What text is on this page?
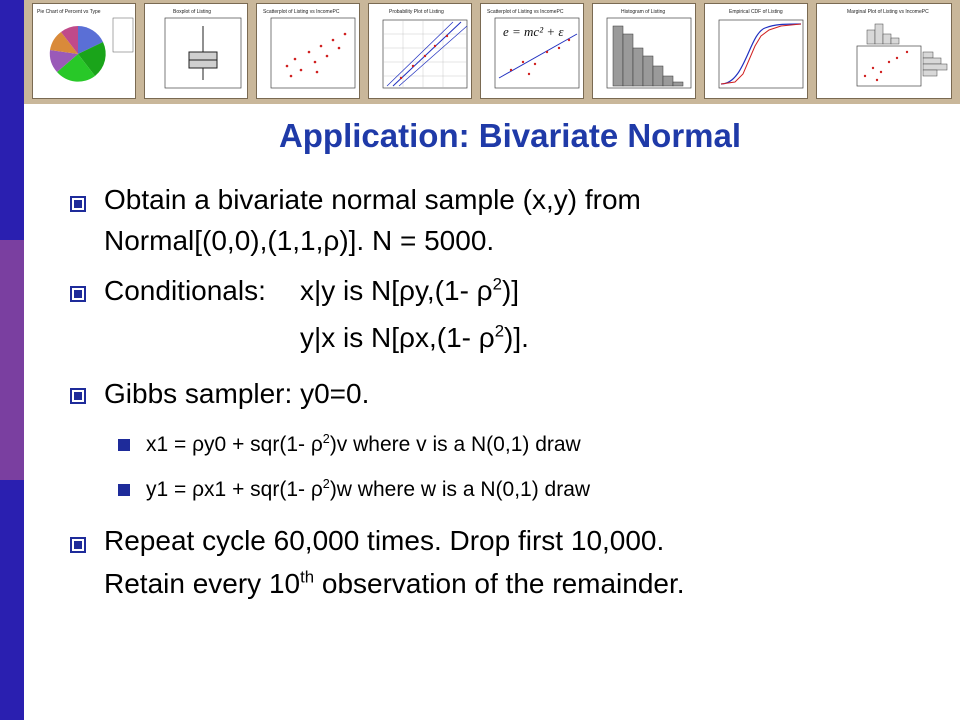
Pie Chart of Percent vs Type	Boxplot of Listing	Scatterplot of Listing vs IncomePC	Probability Plot of Listing	Scatterplot of Listing vs IncomePC
e = mc² + ε
Histogram of Listing	Empirical CDF of Listing	Marginal Plot of Listing vs IncomePC
Application: Bivariate Normal
Obtain a bivariate normal sample (x,y) from
Normal[(0,0),(1,1,ρ)]. N = 5000.
Conditionals: x|y is N[ρy,(1- $\rho^2$)]
y|x is N[ρx,(1- $\rho^2$)].
Gibbs sampler: y0=0.
x1 = ρy0 + sqr(1- $\rho^2)v$ where v is a N(0,1) draw
y1 = ρx1 + sqr(1- $\rho^2)w$ where w is a N(0,1) draw
Repeat cycle 60,000 times. Drop first 10,000.
Retain every 10th observation of the remainder.
